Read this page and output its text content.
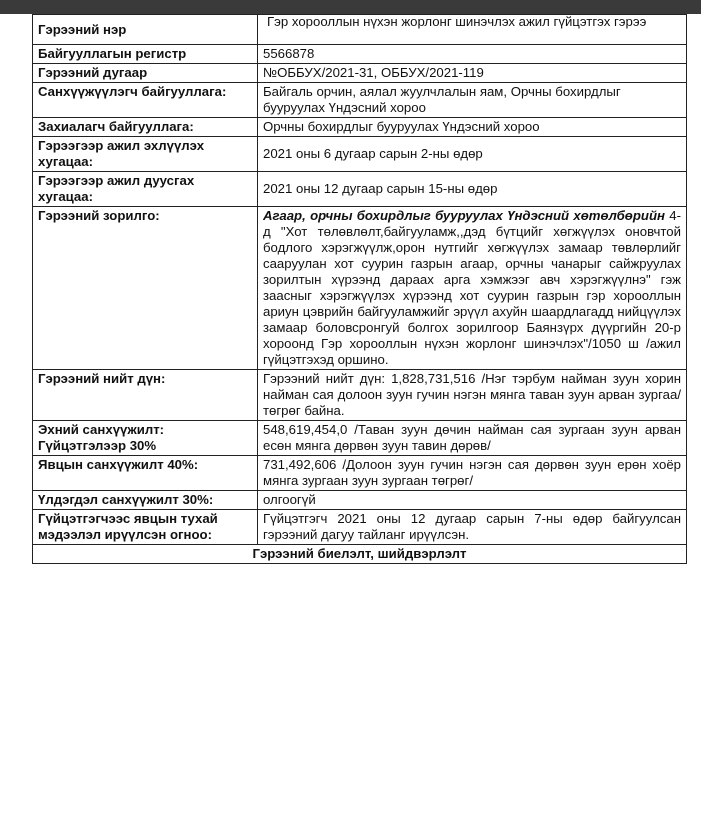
Гэрээний нэр	Гэр хорооллын нүхэн жорлонг шинэчлэх ажил гүйцэтгэх гэрээ
Байгууллагын регистр	5566878
Гэрээний дугаар	№ОББУХ/2021-31, ОББУХ/2021-119
Санхүүжүүлэгч байгууллага:	Байгаль орчин, аялал жуулчлалын яам, Орчны бохирдлыг бууруулах Үндэсний хороо
Захиалагч байгууллага:	Орчны бохирдлыг бууруулах Үндэсний хороо
Гэрээгээр ажил эхлүүлэх хугацаа:	2021 оны 6 дугаар сарын 2-ны өдөр
Гэрээгээр ажил дуусгах хугацаа:	2021 оны 12 дугаар сарын 15-ны өдөр
Гэрээний зорилго:	Агаар, орчны бохирдлыг бууруулах Үндэсний хөтөлбөрийн 4-д "Хот төлөвлөлт,байгууламж,,дэд бүтцийг хөгжүүлэх оновчтой бодлого хэрэгжүүлж,орон нутгийг хөгжүүлэх замаар төвлөрлийг сааруулан хот суурин газрын агаар, орчны чанарыг сайжруулах зорилтын хүрээнд дараах арга хэмжээг авч хэрэгжүүлнэ" гэж заасныг хэрэгжүүлэх хүрээнд хот суурин газрын гэр хорооллын ариун цэврийн байгууламжийг эрүүл ахуйн шаардлагадд нийцүүлэх замаар боловсронгуй болгох зорилгоор Баянзүрх дүүргийн 20-р хороонд Гэр хорооллын нүхэн жорлонг шинэчлэх"/1050 ш /ажил гүйцэтгэхэд оршино.
Гэрээний нийт дүн:	Гэрээний нийт дүн: 1,828,731,516 /Нэг тэрбум найман зуун хорин найман сая долоон зуун гучин нэгэн мянга таван зуун арван зургаа/ төгрөг байна.
Эхний санхүүжилт: Гүйцэтгэлээр 30%	548,619,454,0 /Таван зуун дөчин найман сая зургаан зуун арван есөн мянга дөрвөн зуун тавин дөрөв/
Явцын санхүүжилт 40%:	731,492,606 /Долоон зуун гучин нэгэн сая дөрвөн зуун ерөн хоёр мянга зургаан зуун зургаан төгрөг/
Үлдэгдэл санхүүжилт 30%:	олгоогүй
Гүйцэтгэгчээс явцын тухай мэдээлэл ирүүлсэн огноо:	Гүйцэтгэгч 2021 оны 12 дугаар сарын 7-ны өдөр байгуулсан гэрээний дагуу тайланг ирүүлсэн.
Гэрээний биелэлт, шийдвэрлэлт	
